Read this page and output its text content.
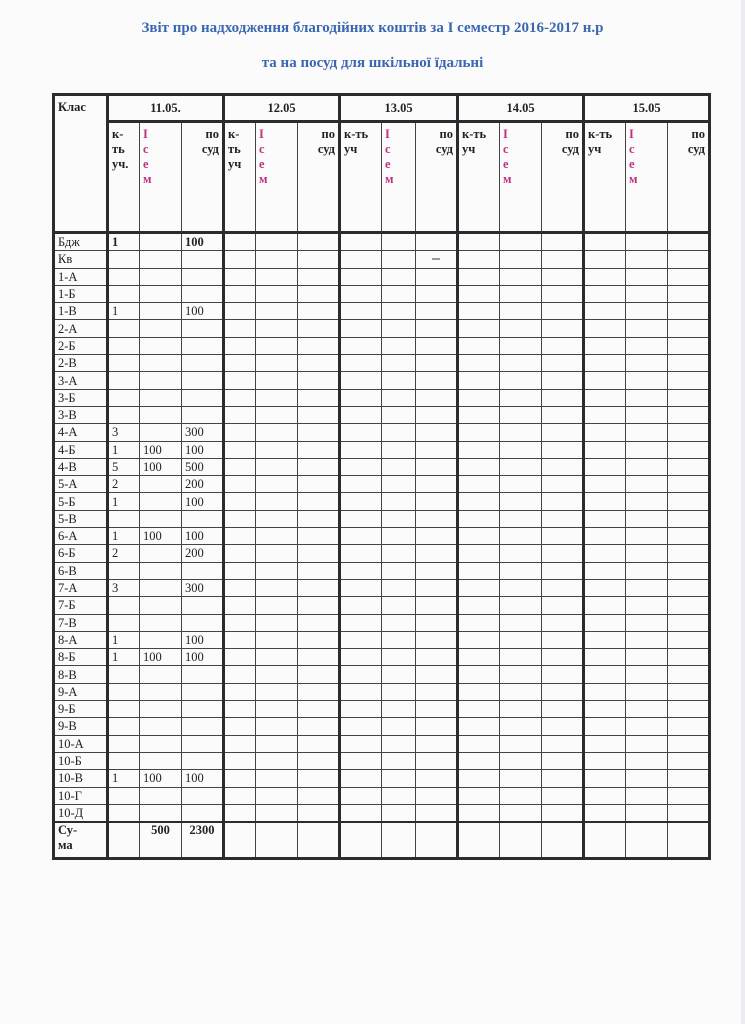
Звіт про надходження благодійних коштів за І семестр 2016-2017 н.р
та на посуд для шкільної їдальні
Клас	11.05.			12.05			13.05			14.05			15.05		
	к-
ть
уч.	І
с
е
м	по
суд	к-
ть
уч	І
с
е
м	по
суд	к-ть
уч	І
с
е
м	по
суд	к-ть
уч	І
с
е
м	по
суд	к-ть
уч	І
с
е
м	по
суд
Бдж	1		100												
Кв															
1-А															
1-Б															
1-В	1		100												
2-А															
2-Б															
2-В															
3-А															
3-Б															
3-В															
4-А	3		300												
4-Б	1	100	100												
4-В	5	100	500												
5-А	2		200												
5-Б	1		100												
5-В															
6-А	1	100	100												
6-Б	2		200												
6-В															
7-А	3		300												
7-Б															
7-В															
8-А	1		100												
8-Б	1	100	100												
8-В															
9-А															
9-Б															
9-В															
10-А															
10-Б															
10-В	1	100	100												
10-Г															
10-Д															
Су-
ма		500	2300												
